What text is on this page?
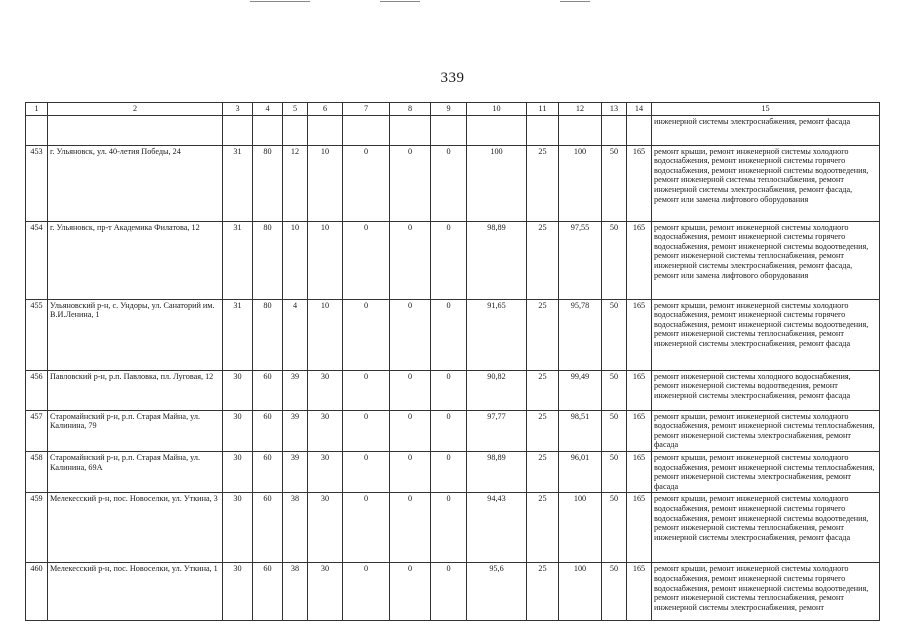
339
1	2	3	4	5	6	7	8	9	10	11	12	13	14	15
														инженерной системы электроснабжения, ремонт фасада
453	г. Ульяновск, ул. 40-летия Победы, 24	31	80	12	10	0	0	0	100	25	100	50	165	ремонт крыши, ремонт инженерной системы холодного водоснабжения, ремонт инженерной системы горячего водоснабжения, ремонт инженерной системы водоотведения, ремонт инженерной системы теплоснабжения, ремонт инженерной системы электроснабжения, ремонт фасада, ремонт или замена лифтового оборудования
454	г. Ульяновск, пр-т Академика Филатова, 12	31	80	10	10	0	0	0	98,89	25	97,55	50	165	ремонт крыши, ремонт инженерной системы холодного водоснабжения, ремонт инженерной системы горячего водоснабжения, ремонт инженерной системы водоотведения, ремонт инженерной системы теплоснабжения, ремонт инженерной системы электроснабжения, ремонт фасада, ремонт или замена лифтового оборудования
455	Ульяновский р-н, с. Ундоры, ул. Санаторий им. В.И.Ленина, 1	31	80	4	10	0	0	0	91,65	25	95,78	50	165	ремонт крыши, ремонт инженерной системы холодного водоснабжения, ремонт инженерной системы горячего водоснабжения, ремонт инженерной системы водоотведения, ремонт инженерной системы теплоснабжения, ремонт инженерной системы электроснабжения, ремонт фасада
456	Павловский р-н, р.п. Павловка, пл. Луговая, 12	30	60	39	30	0	0	0	90,82	25	99,49	50	165	ремонт инженерной системы холодного водоснабжения, ремонт инженерной системы водоотведения, ремонт инженерной системы электроснабжения, ремонт фасада
457	Старомайнский р-н, р.п. Старая Майна, ул. Калинина, 79	30	60	39	30	0	0	0	97,77	25	98,51	50	165	ремонт крыши, ремонт инженерной системы холодного водоснабжения, ремонт инженерной системы теплоснабжения, ремонт инженерной системы электроснабжения, ремонт фасада
458	Старомайнский р-н, р.п. Старая Майна, ул. Калинина, 69А	30	60	39	30	0	0	0	98,89	25	96,01	50	165	ремонт крыши, ремонт инженерной системы холодного водоснабжения, ремонт инженерной системы теплоснабжения, ремонт инженерной системы электроснабжения, ремонт фасада
459	Мелекесский р-н, пос. Новоселки, ул. Уткина, 3	30	60	38	30	0	0	0	94,43	25	100	50	165	ремонт крыши, ремонт инженерной системы холодного водоснабжения, ремонт инженерной системы горячего водоснабжения, ремонт инженерной системы водоотведения, ремонт инженерной системы теплоснабжения, ремонт инженерной системы электроснабжения, ремонт фасада
460	Мелекесский р-н, пос. Новоселки, ул. Уткина, 1	30	60	38	30	0	0	0	95,6	25	100	50	165	ремонт крыши, ремонт инженерной системы холодного водоснабжения, ремонт инженерной системы горячего водоснабжения, ремонт инженерной системы водоотведения, ремонт инженерной системы теплоснабжения, ремонт инженерной системы электроснабжения, ремонт
